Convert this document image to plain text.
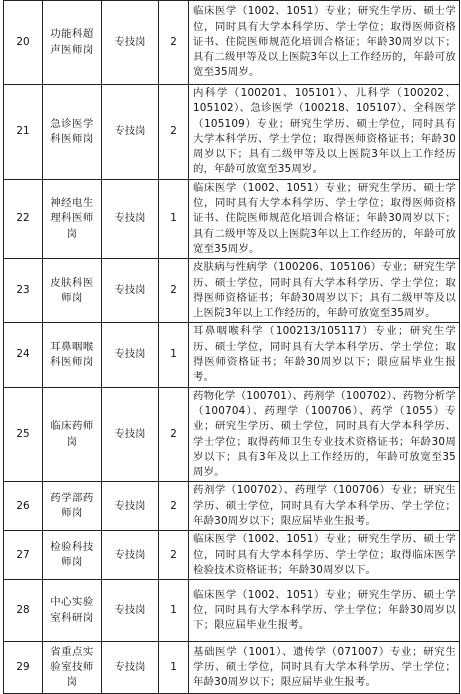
20	功能科超声医师岗	专技岗	2	临床医学（1002、1051）专业；研究生学历、硕士学位，同时具有大学本科学历、学士学位；取得医师资格证书、住院医师规范化培训合格证；年龄30周岁以下；具有二级甲等及以上医院3年以上工作经历的，年龄可放宽至35周岁。
21	急诊医学科医师岗	专技岗	2	内科学（100201、105101）、儿科学（100202、105102）、急诊医学（100218、105107）、全科医学（105109）专业；研究生学历、硕士学位，同时具有大学本科学历、学士学位；取得医师资格证书；年龄30周岁以下；具有二级甲等及以上医院3年以上工作经历的，年龄可放宽至35周岁。
22	神经电生理科医师岗	专技岗	1	临床医学（1002、1051）专业；研究生学历、硕士学位，同时具有大学本科学历、学士学位；取得医师资格证书、住院医师规范化培训合格证；年龄30周岁以下；具有二级甲等及以上医院3年以上工作经历的，年龄可放宽至35周岁。
23	皮肤科医师岗	专技岗	2	皮肤病与性病学（100206、105106）专业；研究生学历、硕士学位，同时具有大学本科学历、学士学位；取得医师资格证书；年龄30周岁以下；具有二级甲等及以上医院3年以上工作经历的，年龄可放宽至35周岁。
24	耳鼻咽喉科医师岗	专技岗	1	耳鼻咽喉科学（100213/105117）专业；研究生学历、硕士学位，同时具有大学本科学历、学士学位；取得医师资格证书；年龄30周岁以下；限应届毕业生报考。
25	临床药师岗	专技岗	2	药物化学（100701）、药剂学（100702）、药物分析学（100704）、药理学（100706）、药学（1055）专业；研究生学历、硕士学位，同时具有大学本科学历、学士学位；取得药师卫生专业技术资格证书；年龄30周岁以下；具有3年及以上工作经历的，年龄可放宽至35周岁。
26	药学部药师岗	专技岗	2	药剂学（100702）、药理学（100706）专业；研究生学历、硕士学位，同时具有大学本科学历、学士学位；年龄30周岁以下；限应届毕业生报考。
27	检验科技师岗	专技岗	2	临床医学（1002、1051）专业；研究生学历、硕士学位，同时具有大学本科学历、学士学位；取得临床医学检验技术资格证书；年龄30周岁以下。
28	中心实验室科研岗	专技岗	1	临床医学（1002、1051）专业；研究生学历、硕士学位，同时具有大学本科学历、学士学位；年龄30周岁以下；限应届毕业生报考。
29	省重点实验室技师岗	专技岗	1	基础医学（1001）、遗传学（071007）专业；研究生学历、硕士学位，同时具有大学本科学历、学士学位；年龄30周岁以下；限应届毕业生报考。
